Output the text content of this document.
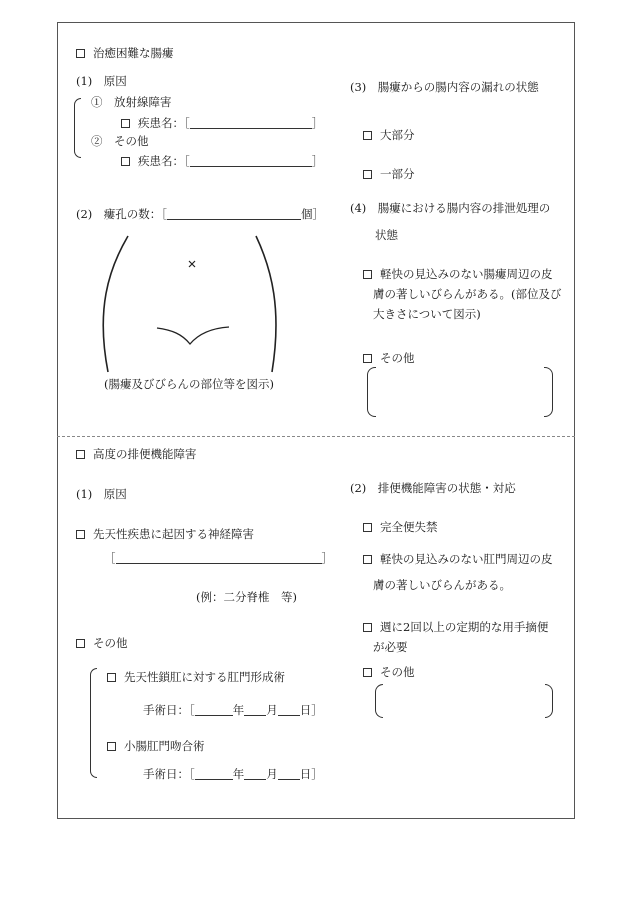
治癒困難な腸瘻
(1)　原因
①　放射線障害
疾患名：［	］
②　その他
疾患名：［	］
(2)　瘻孔の数：［	個］
(腸瘻及びびらんの部位等を図示)
(3)　腸瘻からの腸内容の漏れの状態
大部分
一部分
(4)　腸瘻における腸内容の排泄処理の
状態
軽快の見込みのない腸瘻周辺の皮
膚の著しいびらんがある。(部位及び
大きさについて図示)
その他
高度の排便機能障害
(1)　原因
先天性疾患に起因する神経障害
［	］
(例：二分脊椎　等)
その他
先天性鎖肛に対する肛門形成術
手術日：［	年 月 日］
小腸肛門吻合術
手術日：［	年 月 日］
(2)　排便機能障害の状態・対応
完全便失禁
軽快の見込みのない肛門周辺の皮
膚の著しいびらんがある。
週に2回以上の定期的な用手摘便
が必要
その他
